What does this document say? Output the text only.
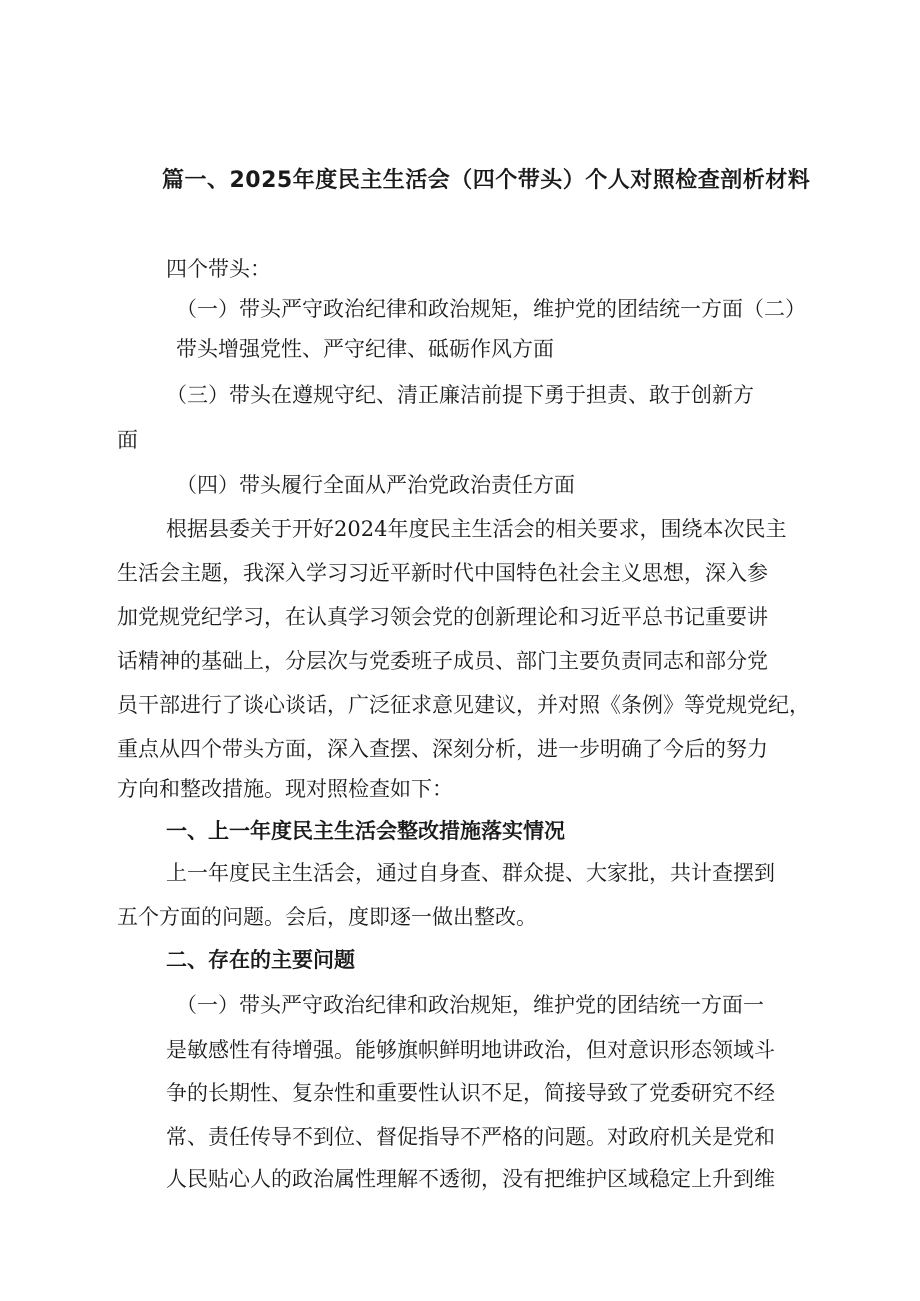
篇一、2025年度民主生活会（四个带头）个人对照检查剖析材料
四个带头：
（一）带头严守政治纪律和政治规矩，维护党的团结统一方面（二）
带头增强党性、严守纪律、砥砺作风方面
（三）带头在遵规守纪、清正廉洁前提下勇于担责、敢于创新方
面
（四）带头履行全面从严治党政治责任方面
根据县委关于开好2024年度民主生活会的相关要求，围绕本次民主
生活会主题，我深入学习习近平新时代中国特色社会主义思想，深入参
加党规党纪学习，在认真学习领会党的创新理论和习近平总书记重要讲
话精神的基础上，分层次与党委班子成员、部门主要负责同志和部分党
员干部进行了谈心谈话，广泛征求意见建议，并对照《条例》等党规党纪，
重点从四个带头方面，深入查摆、深刻分析，进一步明确了今后的努力
方向和整改措施。现对照检查如下：
一、上一年度民主生活会整改措施落实情况
上一年度民主生活会，通过自身查、群众提、大家批，共计查摆到
五个方面的问题。会后，度即逐一做出整改。
二、存在的主要问题
（一）带头严守政治纪律和政治规矩，维护党的团结统一方面一
是敏感性有待增强。能够旗帜鲜明地讲政治，但对意识形态领域斗
争的长期性、复杂性和重要性认识不足，简接导致了党委研究不经
常、责任传导不到位、督促指导不严格的问题。对政府机关是党和
人民贴心人的政治属性理解不透彻，没有把维护区域稳定上升到维
